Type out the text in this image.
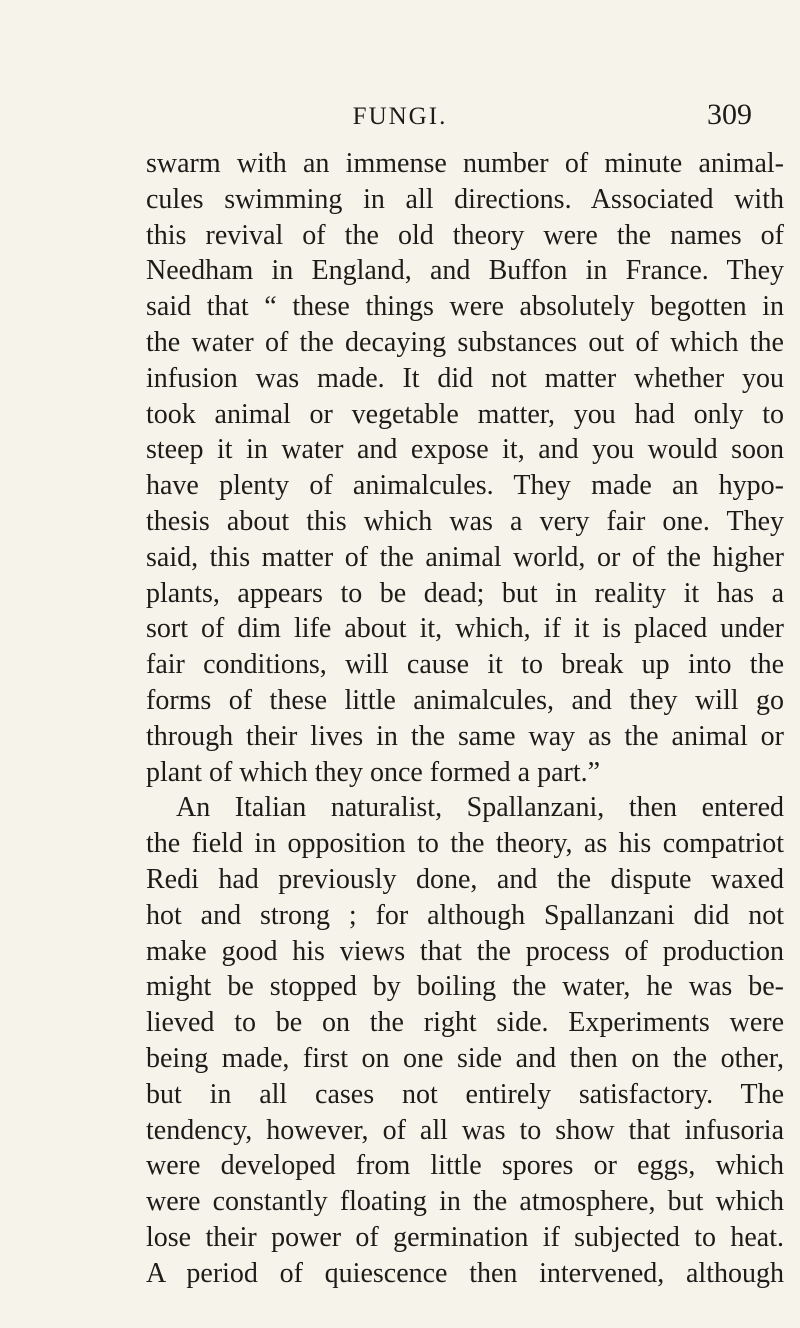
FUNGI.	309
swarm with an immense number of minute animal-
cules swimming in all directions. Associated with
this revival of the old theory were the names of
Needham in England, and Buffon in France. They
said that “ these things were absolutely begotten in
the water of the decaying substances out of which the
infusion was made. It did not matter whether you
took animal or vegetable matter, you had only to
steep it in water and expose it, and you would soon
have plenty of animalcules. They made an hypo-
thesis about this which was a very fair one. They
said, this matter of the animal world, or of the higher
plants, appears to be dead; but in reality it has a
sort of dim life about it, which, if it is placed under
fair conditions, will cause it to break up into the
forms of these little animalcules, and they will go
through their lives in the same way as the animal or
plant of which they once formed a part.”
An Italian naturalist, Spallanzani, then entered
the field in opposition to the theory, as his compatriot
Redi had previously done, and the dispute waxed
hot and strong ; for although Spallanzani did not
make good his views that the process of production
might be stopped by boiling the water, he was be-
lieved to be on the right side. Experiments were
being made, first on one side and then on the other,
but in all cases not entirely satisfactory. The
tendency, however, of all was to show that infusoria
were developed from little spores or eggs, which
were constantly floating in the atmosphere, but which
lose their power of germination if subjected to heat.
A period of quiescence then intervened, although
